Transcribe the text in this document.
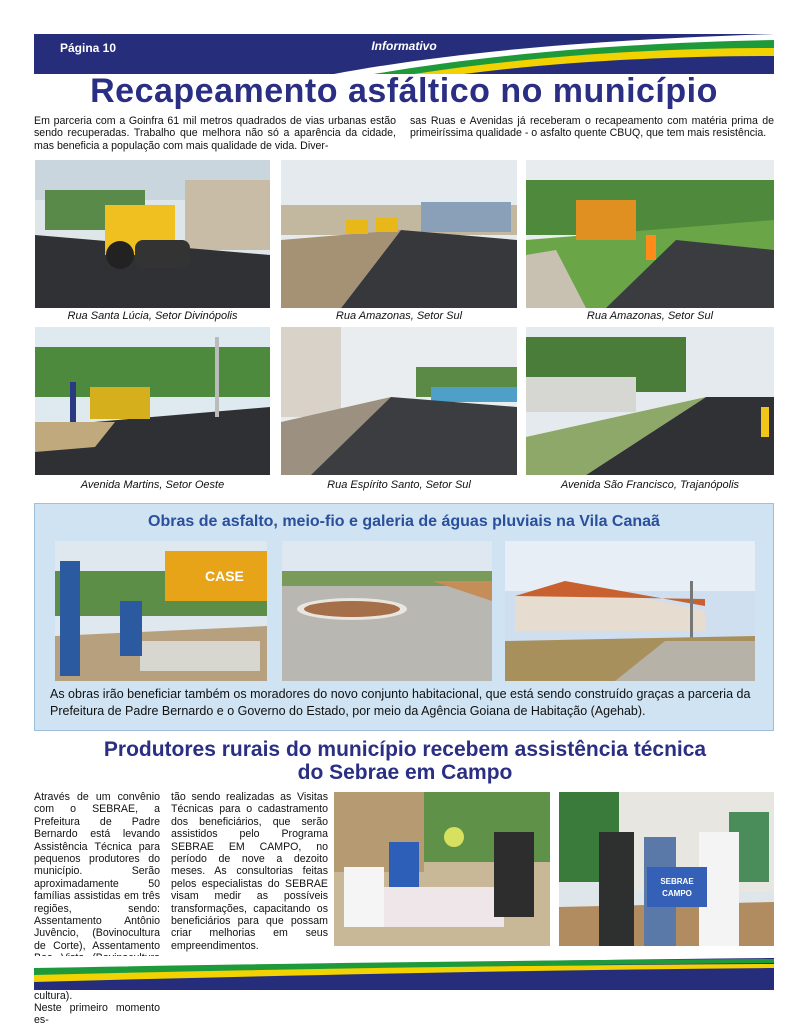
Página 10	Informativo
Recapeamento asfáltico no município
Em parceria com a Goinfra 61 mil metros quadrados de vias urbanas estão sendo recuperadas. Trabalho que melhora não só a aparência da cidade, mas beneficia a população com mais qualidade de vida. Diver-
sas Ruas e Avenidas já receberam o recapeamento com matéria prima de primeiríssima qualidade - o asfalto quente CBUQ, que tem mais resistência.
Rua Santa Lúcia, Setor Divinópolis	Rua Amazonas, Setor Sul	Rua Amazonas, Setor Sul
Avenida Martins, Setor Oeste	Rua Espírito Santo, Setor Sul	Avenida São Francisco, Trajanópolis
Obras de asfalto, meio-fio e galeria de águas pluviais na Vila Canaã
CASE
As obras irão beneficiar também os moradores do novo conjunto habitacional, que está sendo construído graças a parceria da Prefeitura de Padre Bernardo e o Governo do Estado, por meio da Agência Goiana de Habitação (Agehab).
Produtores rurais do município recebem assistência técnica do Sebrae em Campo
Através de um convênio com o SEBRAE, a Prefeitura de Padre Bernardo está levando Assistência Técnica para pequenos produtores do município. Serão aproximadamente 50 famílias assistidas em três regiões, sendo: Assentamento Antônio Juvêncio, (Bovinocultura de Corte), Assentamento cultura).
Neste primeiro momento es-
tão sendo realizadas as Visitas Técnicas para o cadastramento dos beneficiários, que serão assistidos pelo Programa SEBRAE EM CAMPO, no período de nove a dezoito meses. As consultorias feitas pelos especialistas do SEBRAE visam medir as possíveis transformações, capacitando os beneficiários para que possam criar melhorias em seus empreendimentos.
SEBRAE
CAMPO
